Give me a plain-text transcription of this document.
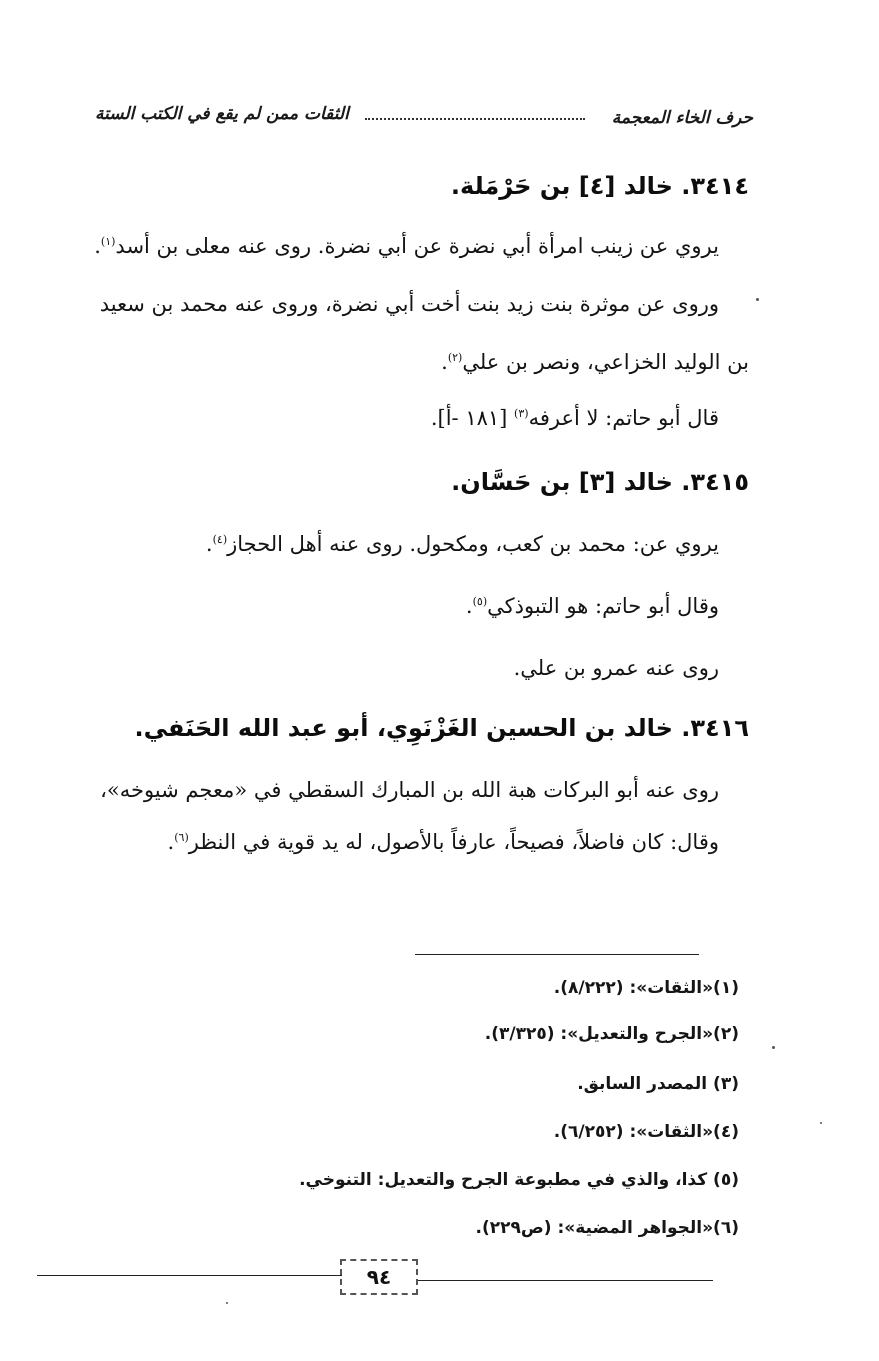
حرف الخاء المعجمة
الثقات ممن لم يقع في الكتب الستة
٣٤١٤. خالد [٤] بن حَرْمَلة.
يروي عن زينب امرأة أبي نضرة عن أبي نضرة. روى عنه معلى بن أسد$^{(١)}$.
وروى عن موثرة بنت زيد بنت أخت أبي نضرة، وروى عنه محمد بن سعيد
بن الوليد الخزاعي، ونصر بن علي$^{(٢)}$.
قال أبو حاتم: لا أعرفه$^{(٣)}$ [١٨١ -أ].
٣٤١٥. خالد [٣] بن حَسَّان.
يروي عن: محمد بن كعب، ومكحول. روى عنه أهل الحجاز$^{(٤)}$.
وقال أبو حاتم: هو التبوذكي$^{(٥)}$.
روى عنه عمرو بن علي.
٣٤١٦. خالد بن الحسين الغَزْنَوِي، أبو عبد الله الحَنَفي.
روى عنه أبو البركات هبة الله بن المبارك السقطي في «معجم شيوخه»،
وقال: كان فاضلاً، فصيحاً، عارفاً بالأصول، له يد قوية في النظر$^{(٦)}$.
(١)«الثقات»: (٨/٢٢٢).
(٢)«الجرح والتعديل»: (٣/٣٢٥).
(٣) المصدر السابق.
(٤)«الثقات»: (٦/٢٥٢).
(٥) كذا، والذي في مطبوعة الجرح والتعديل: التنوخي.
(٦)«الجواهر المضية»: (ص٢٢٩).
٩٤
